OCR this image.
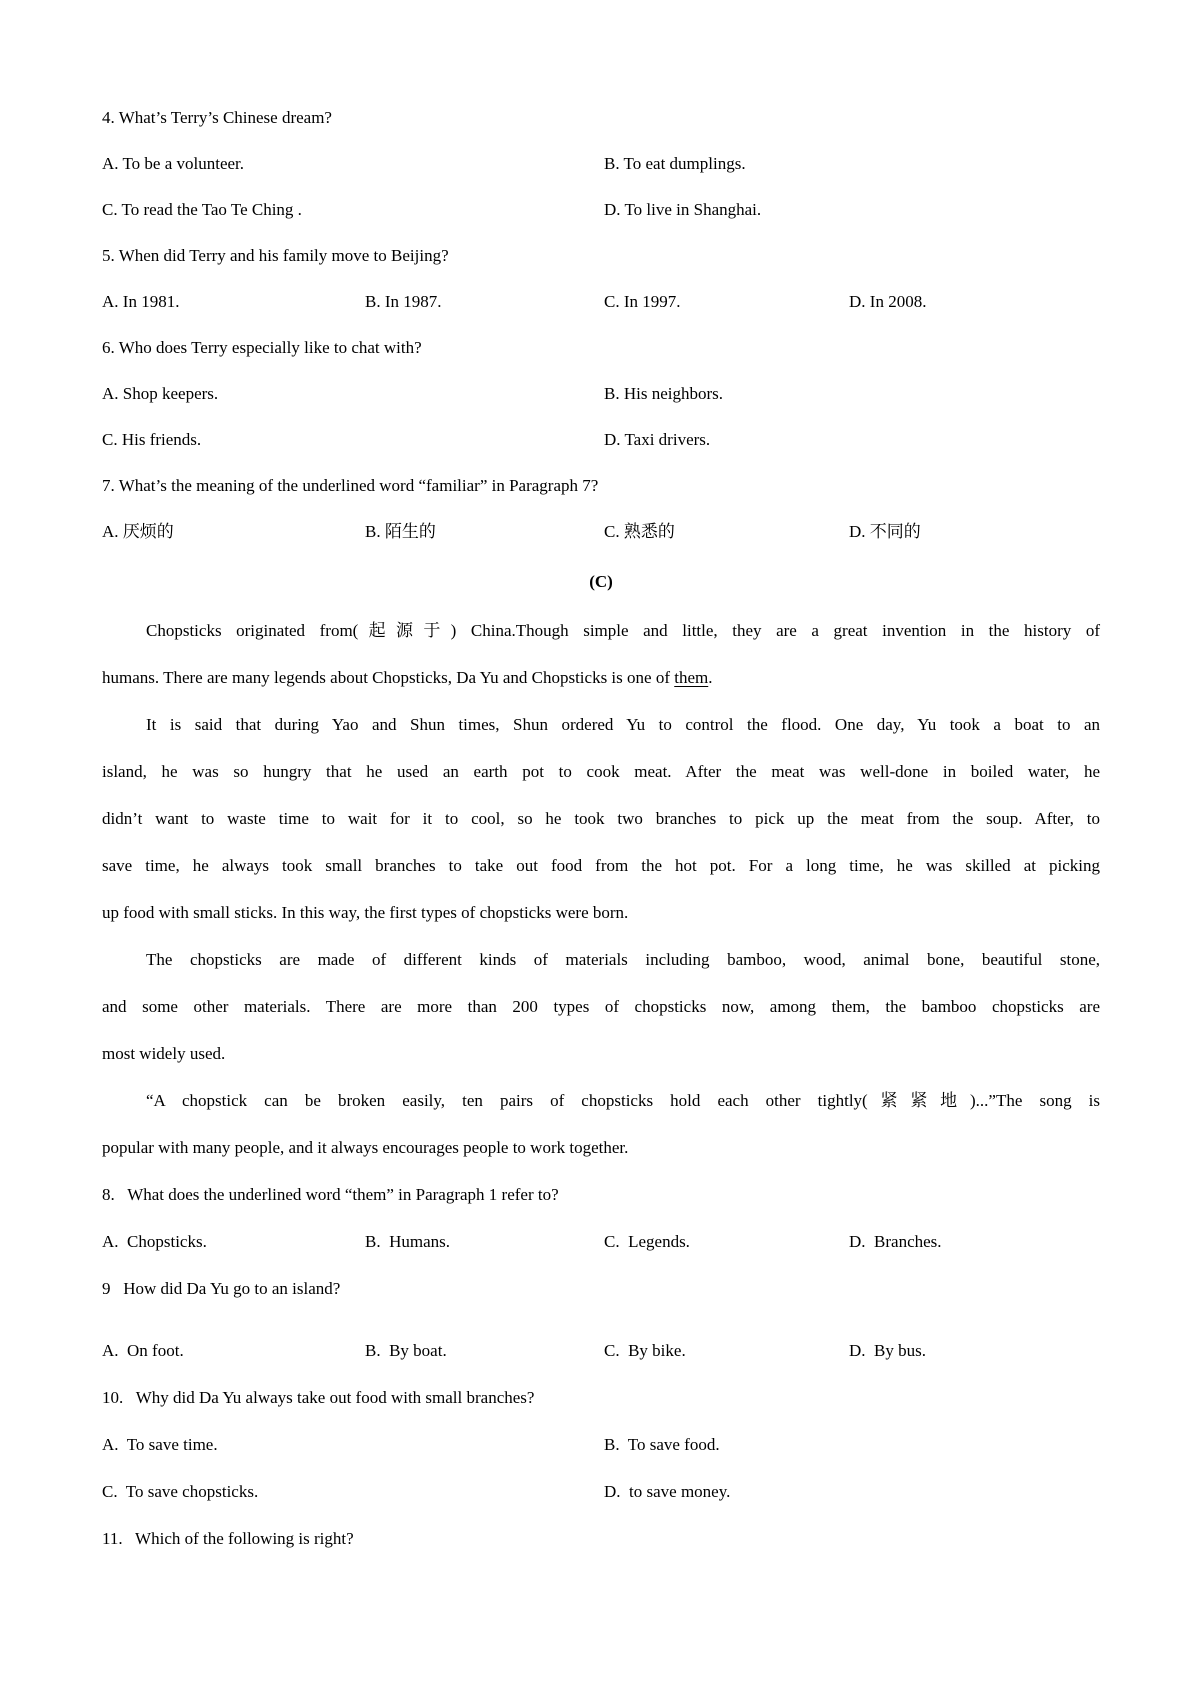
4. What’s Terry’s Chinese dream?
A. To be a volunteer.	B. To eat dumplings.
C. To read the Tao Te Ching .	D. To live in Shanghai.
5. When did Terry and his family move to Beijing?
A. In 1981.	B. In 1987.	C. In 1997.	D. In 2008.
6. Who does Terry especially like to chat with?
A. Shop keepers.	B. His neighbors.
C. His friends.	D. Taxi drivers.
7. What’s the meaning of the underlined word “familiar” in Paragraph 7?
A. 厌烦的	B. 陌生的	C. 熟悉的	D. 不同的
(C)
Chopsticks originated from(起源于) China.Though simple and little, they are a great invention in the history of
humans. There are many legends about Chopsticks, Da Yu and Chopsticks is one of them.
It is said that during Yao and Shun times, Shun ordered Yu to control the flood. One day, Yu took a boat to an
island, he was so hungry that he used an earth pot to cook meat. After the meat was well-done in boiled water, he
didn’t want to waste time to wait for it to cool, so he took two branches to pick up the meat from the soup. After, to
save time, he always took small branches to take out food from the hot pot. For a long time, he was skilled at picking
up food with small sticks. In this way, the first types of chopsticks were born.
The chopsticks are made of different kinds of materials including bamboo, wood, animal bone, beautiful stone,
and some other materials. There are more than 200 types of chopsticks now, among them, the bamboo chopsticks are
most widely used.
“A chopstick can be broken easily, ten pairs of chopsticks hold each other tightly(紧紧地)...”The song is
popular with many people, and it always encourages people to work together.
8.   What does the underlined word “them” in Paragraph 1 refer to?
A.  Chopsticks.	B.  Humans.	C.  Legends.	D.  Branches.
9   How did Da Yu go to an island?
A.  On foot.	B.  By boat.	C.  By bike.	D.  By bus.
10.   Why did Da Yu always take out food with small branches?
A.  To save time.	B.  To save food.
C.  To save chopsticks.	D.  to save money.
11.   Which of the following is right?
